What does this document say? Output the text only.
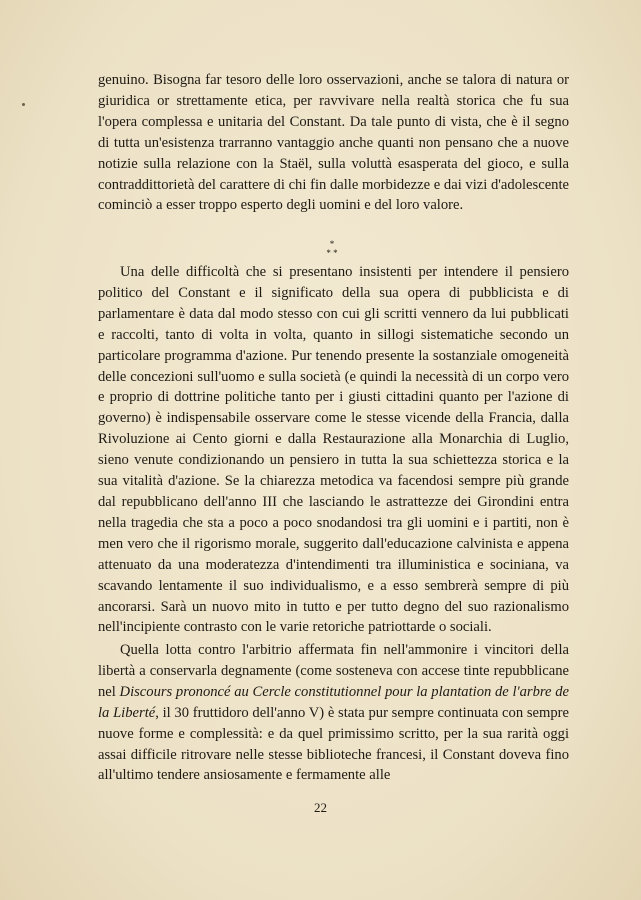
genuino. Bisogna far tesoro delle loro osservazioni, anche se talora di natura or giuridica or strettamente etica, per ravvivare nella realtà storica che fu sua l'opera complessa e unitaria del Constant. Da tale punto di vista, che è il segno di tutta un'esistenza trarranno vantaggio anche quanti non pensano che a nuove notizie sulla relazione con la Staël, sulla voluttà esasperata del gioco, e sulla contraddittorietà del carattere di chi fin dalle morbidezze e dai vizi d'adolescente cominciò a esser troppo esperto degli uomini e del loro valore.

*
* *

Una delle difficoltà che si presentano insistenti per intendere il pensiero politico del Constant e il significato della sua opera di pubblicista e di parlamentare è data dal modo stesso con cui gli scritti vennero da lui pubblicati e raccolti, tanto di volta in volta, quanto in sillogi sistematiche secondo un particolare programma d'azione. Pur tenendo presente la sostanziale omogeneità delle concezioni sull'uomo e sulla società (e quindi la necessità di un corpo vero e proprio di dottrine politiche tanto per i giusti cittadini quanto per l'azione di governo) è indispensabile osservare come le stesse vicende della Francia, dalla Rivoluzione ai Cento giorni e dalla Restaurazione alla Monarchia di Luglio, sieno venute condizionando un pensiero in tutta la sua schiettezza storica e la sua vitalità d'azione. Se la chiarezza metodica va facendosi sempre più grande dal repubblicano dell'anno III che lasciando le astrattezze dei Girondini entra nella tragedia che sta a poco a poco snodandosi tra gli uomini e i partiti, non è men vero che il rigorismo morale, suggerito dall'educazione calvinista e appena attenuato da una moderatezza d'intendimenti tra illuministica e sociniana, va scavando lentamente il suo individualismo, e a esso sembrerà sempre di più ancorarsi. Sarà un nuovo mito in tutto e per tutto degno del suo razionalismo nell'incipiente contrasto con le varie retoriche patriottarde o sociali.

Quella lotta contro l'arbitrio affermata fin nell'ammonire i vincitori della libertà a conservarla degnamente (come sosteneva con accese tinte repubblicane nel Discours prononcé au Cercle constitutionnel pour la plantation de l'arbre de la Liberté, il 30 fruttidoro dell'anno V) è stata pur sempre continuata con sempre nuove forme e complessità: e da quel primissimo scritto, per la sua rarità oggi assai difficile ritrovare nelle stesse biblioteche francesi, il Constant doveva fino all'ultimo tendere ansiosamente e fermamente alle

22
